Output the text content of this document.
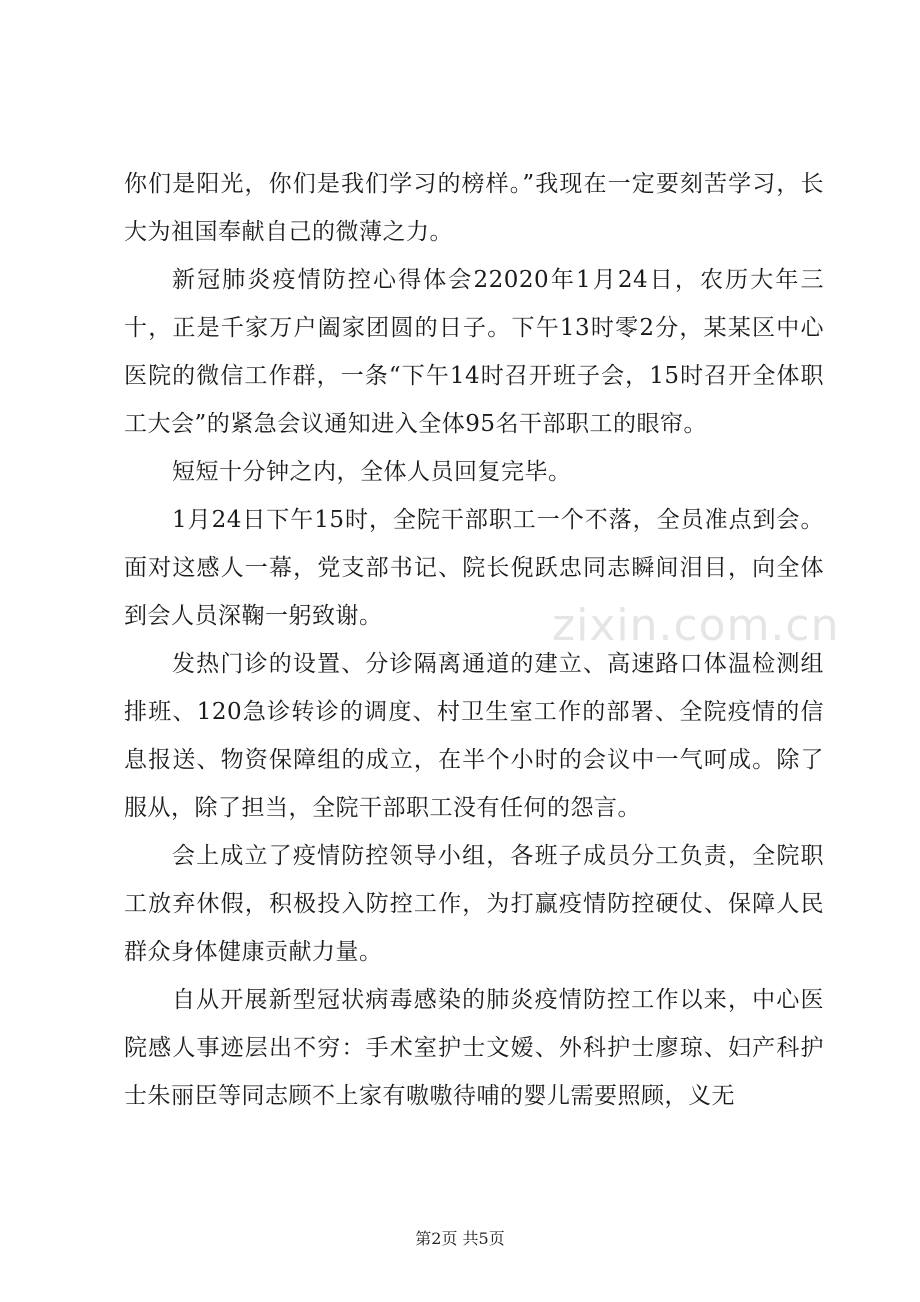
你们是阳光，你们是我们学习的榜样。”我现在一定要刻苦学习，长大为祖国奉献自己的微薄之力。

新冠肺炎疫情防控心得体会22020年1月24日，农历大年三十，正是千家万户阖家团圆的日子。下午13时零2分，某某区中心医院的微信工作群，一条“下午14时召开班子会，15时召开全体职工大会”的紧急会议通知进入全体95名干部职工的眼帘。

短短十分钟之内，全体人员回复完毕。

1月24日下午15时，全院干部职工一个不落，全员准点到会。面对这感人一幕，党支部书记、院长倪跃忠同志瞬间泪目，向全体到会人员深鞠一躬致谢。

发热门诊的设置、分诊隔离通道的建立、高速路口体温检测组排班、120急诊转诊的调度、村卫生室工作的部署、全院疫情的信息报送、物资保障组的成立，在半个小时的会议中一气呵成。除了服从，除了担当，全院干部职工没有任何的怨言。

会上成立了疫情防控领导小组，各班子成员分工负责，全院职工放弃休假，积极投入防控工作，为打赢疫情防控硬仗、保障人民群众身体健康贡献力量。

自从开展新型冠状病毒感染的肺炎疫情防控工作以来，中心医院感人事迹层出不穷：手术室护士文嫒、外科护士廖琼、妇产科护士朱丽臣等同志顾不上家有嗷嗷待哺的婴儿需要照顾，义无

zixin.com.cn
第2页 共5页
